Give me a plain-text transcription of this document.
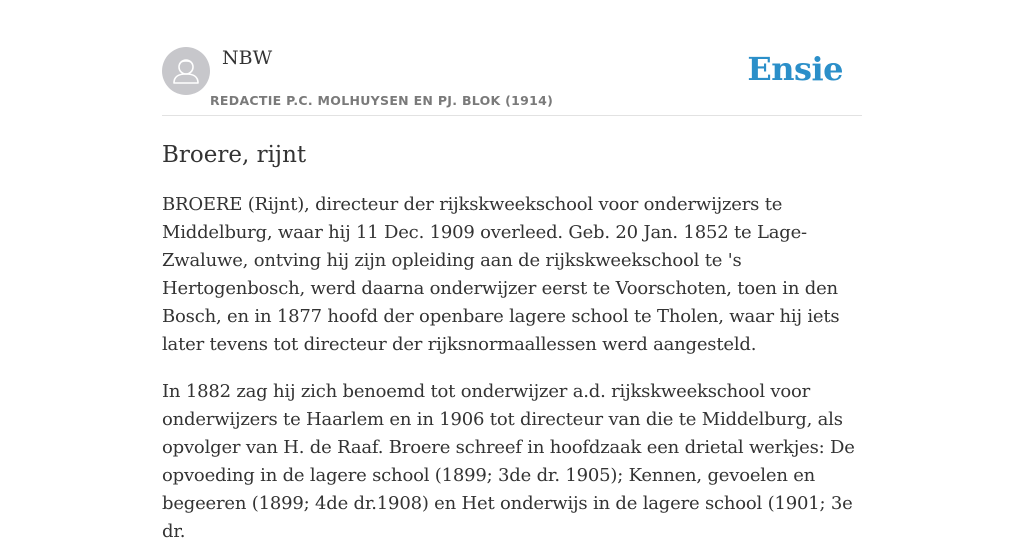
NBW
REDACTIE P.C. MOLHUYSEN EN PJ. BLOK (1914)
Ensie
Broere, rijnt

BROERE (Rijnt), directeur der rijkskweekschool voor onderwijzers te Middelburg, waar hij 11 Dec. 1909 overleed. Geb. 20 Jan. 1852 te Lage-Zwaluwe, ontving hij zijn opleiding aan de rijkskweekschool te 's Hertogenbosch, werd daarna onderwijzer eerst te Voorschoten, toen in den Bosch, en in 1877 hoofd der openbare lagere school te Tholen, waar hij iets later tevens tot directeur der rijksnormaallessen werd aangesteld.

In 1882 zag hij zich benoemd tot onderwijzer a.d. rijkskweekschool voor onderwijzers te Haarlem en in 1906 tot directeur van die te Middelburg, als opvolger van H. de Raaf. Broere schreef in hoofdzaak een drietal werkjes: De opvoeding in de lagere school (1899; 3de dr. 1905); Kennen, gevoelen en begeeren (1899; 4de dr.1908) en Het onderwijs in de lagere school (1901; 3e dr.
